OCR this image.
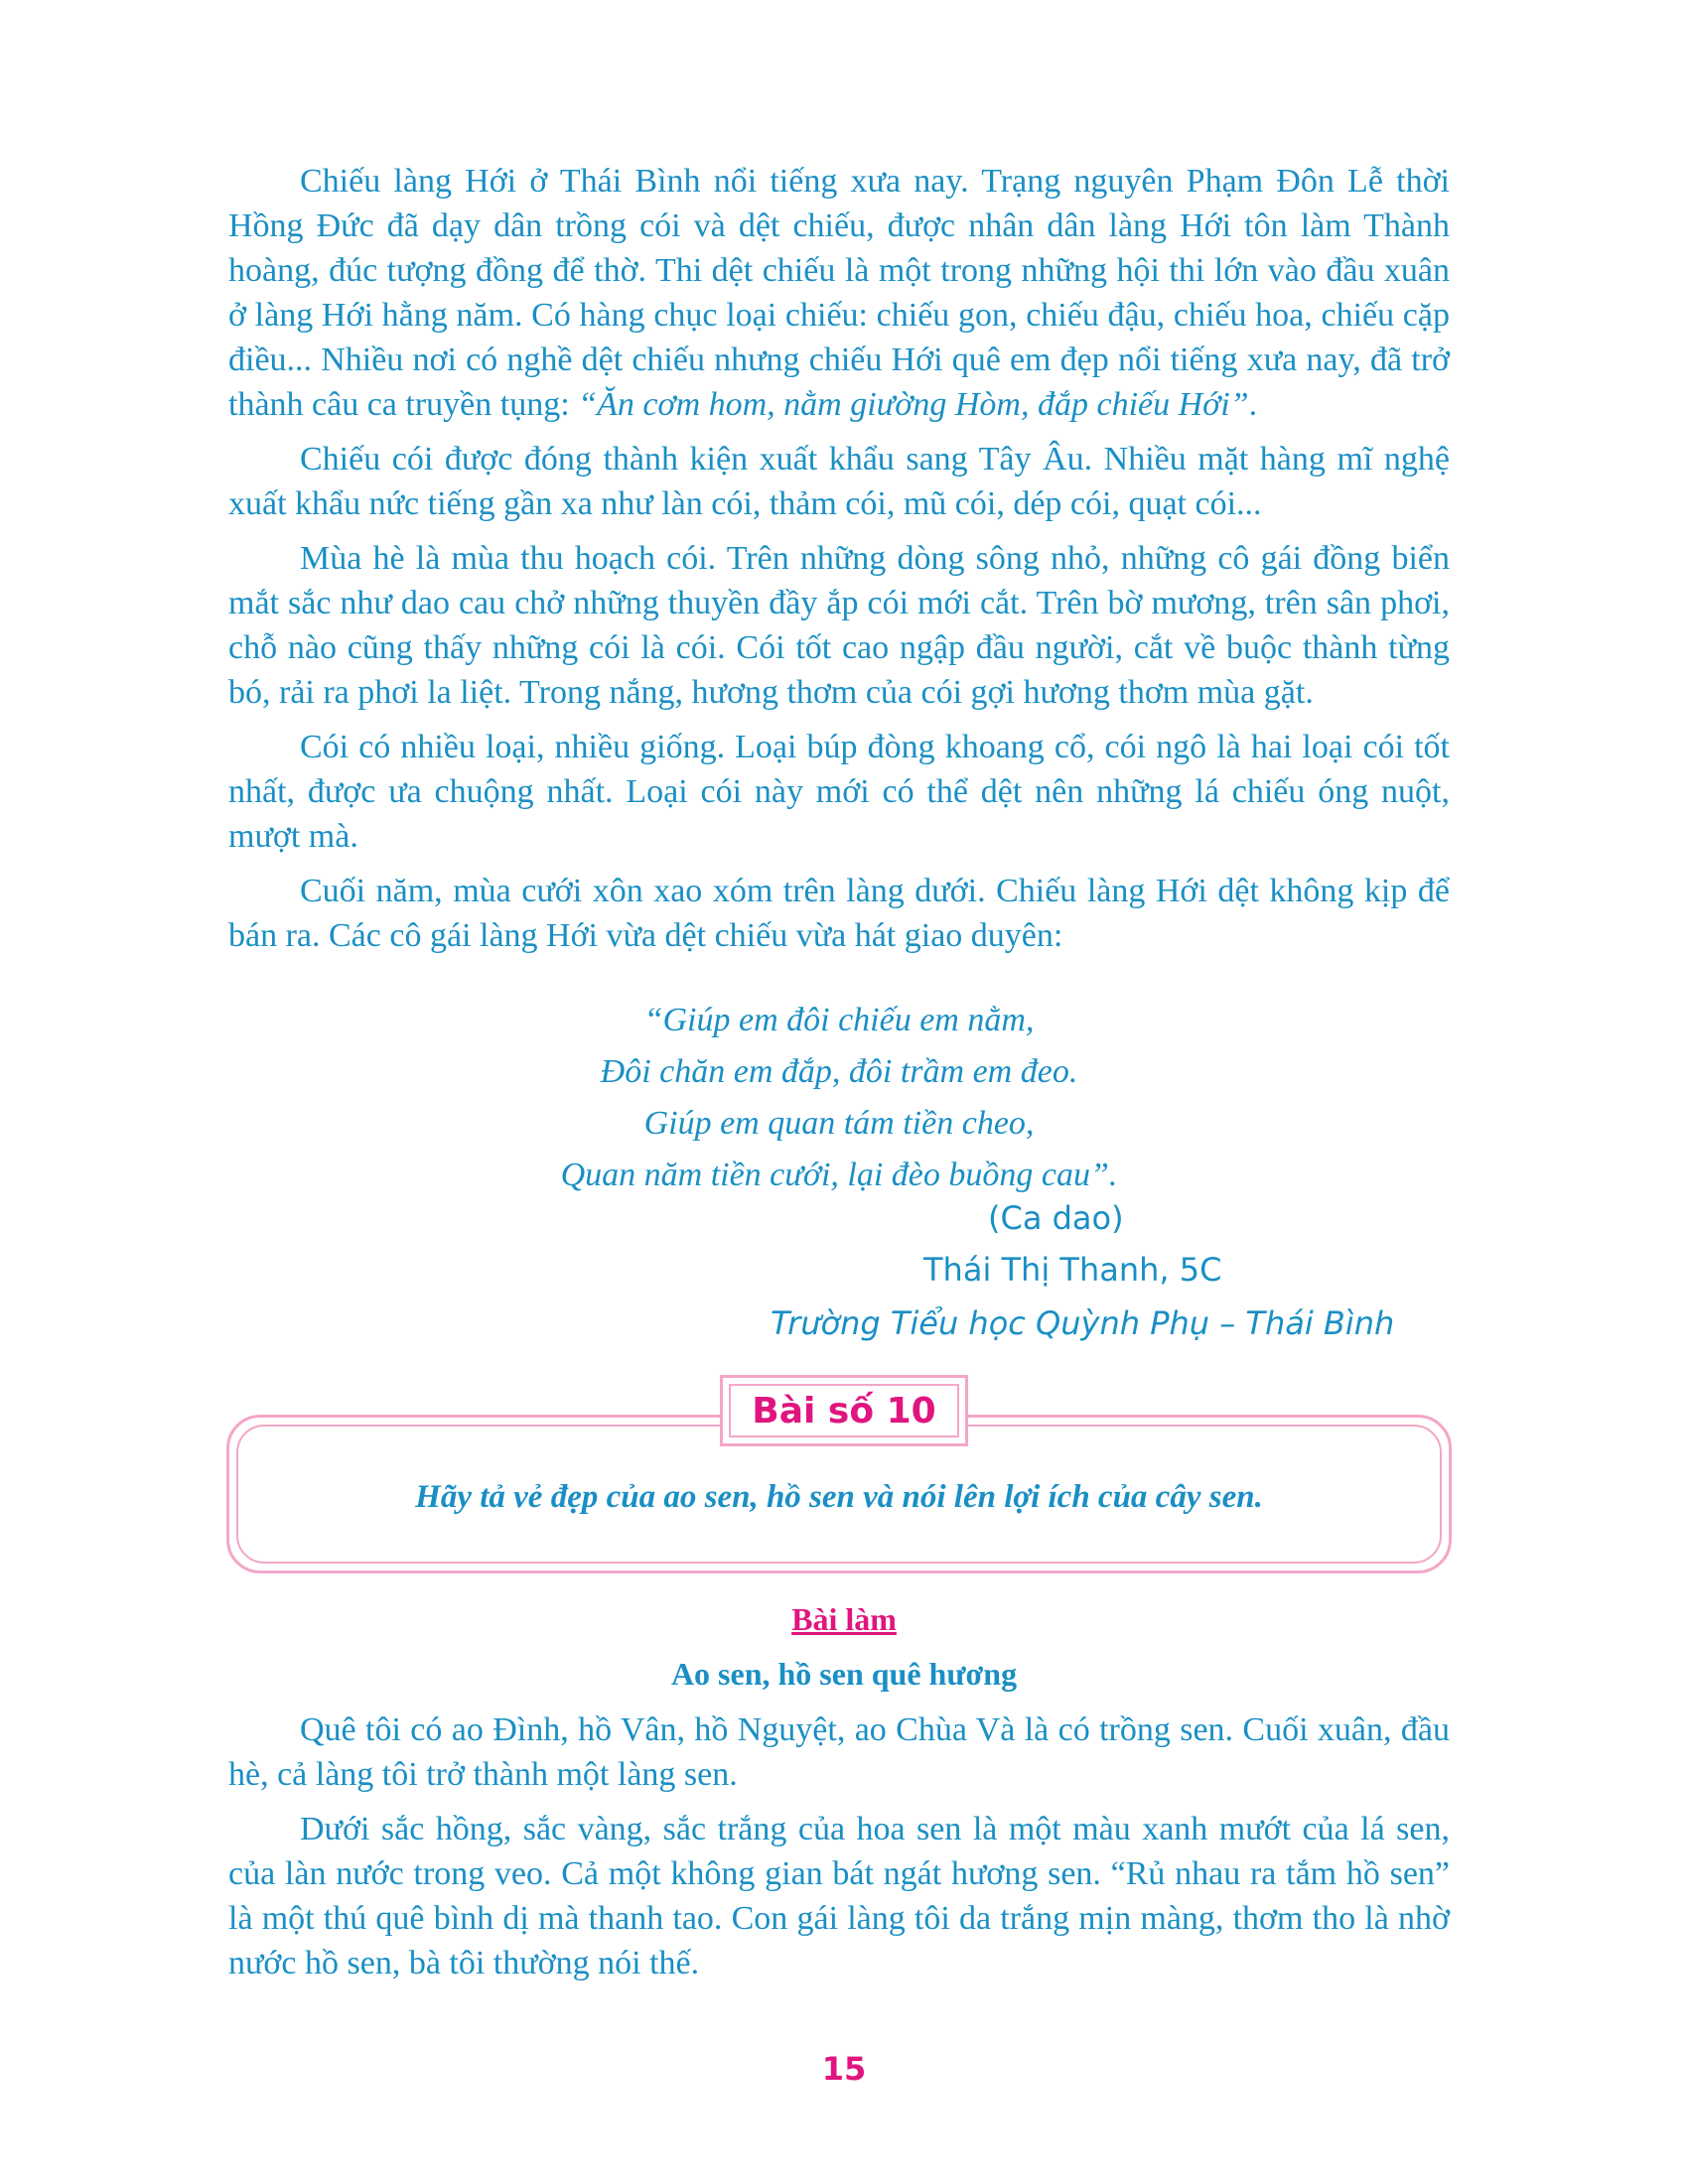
Chiếu làng Hới ở Thái Bình nổi tiếng xưa nay. Trạng nguyên Phạm Đôn Lễ thời Hồng Đức đã dạy dân trồng cói và dệt chiếu, được nhân dân làng Hới tôn làm Thành hoàng, đúc tượng đồng để thờ. Thi dệt chiếu là một trong những hội thi lớn vào đầu xuân ở làng Hới hằng năm. Có hàng chục loại chiếu: chiếu gon, chiếu đậu, chiếu hoa, chiếu cặp điều... Nhiều nơi có nghề dệt chiếu nhưng chiếu Hới quê em đẹp nổi tiếng xưa nay, đã trở thành câu ca truyền tụng: “Ăn cơm hom, nằm giường Hòm, đắp chiếu Hới”.

Chiếu cói được đóng thành kiện xuất khẩu sang Tây Âu. Nhiều mặt hàng mĩ nghệ xuất khẩu nức tiếng gần xa như làn cói, thảm cói, mũ cói, dép cói, quạt cói...

Mùa hè là mùa thu hoạch cói. Trên những dòng sông nhỏ, những cô gái đồng biển mắt sắc như dao cau chở những thuyền đầy ắp cói mới cắt. Trên bờ mương, trên sân phơi, chỗ nào cũng thấy những cói là cói. Cói tốt cao ngập đầu người, cắt về buộc thành từng bó, rải ra phơi la liệt. Trong nắng, hương thơm của cói gợi hương thơm mùa gặt.

Cói có nhiều loại, nhiều giống. Loại búp đòng khoang cổ, cói ngô là hai loại cói tốt nhất, được ưa chuộng nhất. Loại cói này mới có thể dệt nên những lá chiếu óng nuột, mượt mà.

Cuối năm, mùa cưới xôn xao xóm trên làng dưới. Chiếu làng Hới dệt không kịp để bán ra. Các cô gái làng Hới vừa dệt chiếu vừa hát giao duyên:

“Giúp em đôi chiếu em nằm,
Đôi chăn em đắp, đôi trầm em đeo.
Giúp em quan tám tiền cheo,
Quan năm tiền cưới, lại đèo buồng cau”.
(Ca dao)
Thái Thị Thanh, 5C
Trường Tiểu học Quỳnh Phụ – Thái Bình
Hãy tả vẻ đẹp của ao sen, hồ sen và nói lên lợi ích của cây sen.
Bài số 10
Bài làm
Ao sen, hồ sen quê hương

Quê tôi có ao Đình, hồ Vân, hồ Nguyệt, ao Chùa Và là có trồng sen. Cuối xuân, đầu hè, cả làng tôi trở thành một làng sen.

Dưới sắc hồng, sắc vàng, sắc trắng của hoa sen là một màu xanh mướt của lá sen, của làn nước trong veo. Cả một không gian bát ngát hương sen. “Rủ nhau ra tắm hồ sen” là một thú quê bình dị mà thanh tao. Con gái làng tôi da trắng mịn màng, thơm tho là nhờ nước hồ sen, bà tôi thường nói thế.

15
